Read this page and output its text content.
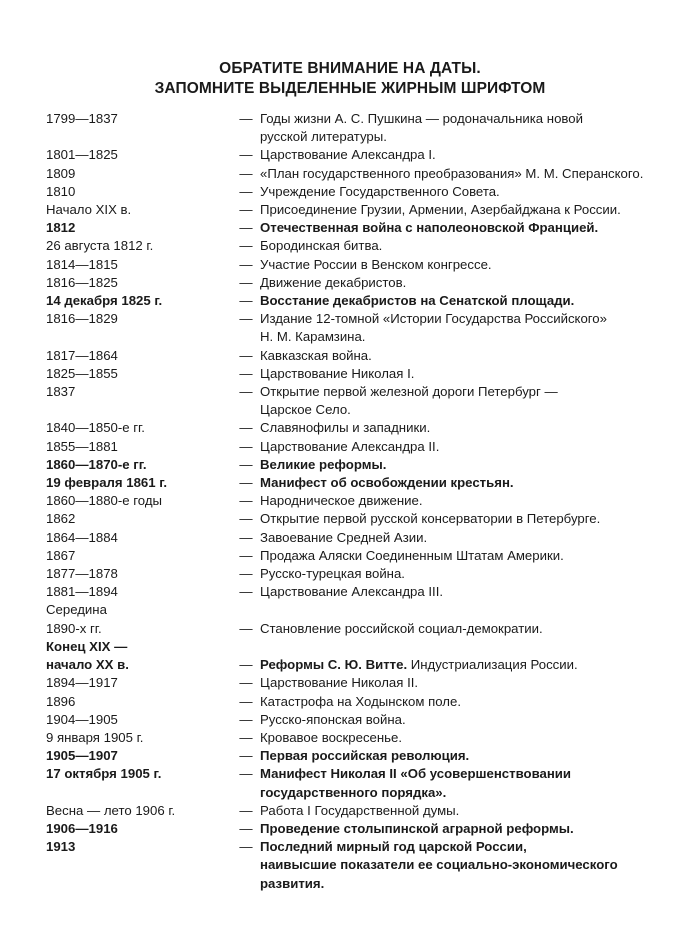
ОБРАТИТЕ ВНИМАНИЕ НА ДАТЫ.
ЗАПОМНИТЕ ВЫДЕЛЕННЫЕ ЖИРНЫМ ШРИФТОМ
1799—1837	— Годы жизни А. С. Пушкина — родоначальника новой
русской литературы.
1801—1825	— Царствование Александра I.
1809	— «План государственного преобразования» М. М. Сперанского.
1810	— Учреждение Государственного Совета.
Начало XIX в.	— Присоединение Грузии, Армении, Азербайджана к России.
1812	— Отечественная война с наполеоновской Францией.
26 августа 1812 г.	— Бородинская битва.
1814—1815	— Участие России в Венском конгрессе.
1816—1825	— Движение декабристов.
14 декабря 1825 г.	— Восстание декабристов на Сенатской площади.
1816—1829	— Издание 12-томной «Истории Государства Российского»
Н. М. Карамзина.
1817—1864	— Кавказская война.
1825—1855	— Царствование Николая I.
1837	— Открытие первой железной дороги Петербург —
Царское Село.
1840—1850-е гг.	— Славянофилы и западники.
1855—1881	— Царствование Александра II.
1860—1870-е гг.	— Великие реформы.
19 февраля 1861 г.	— Манифест об освобождении крестьян.
1860—1880-е годы	— Народническое движение.
1862	— Открытие первой русской консерватории в Петербурге.
1864—1884	— Завоевание Средней Азии.
1867	— Продажа Аляски Соединенным Штатам Америки.
1877—1878	— Русско-турецкая война.
1881—1894	— Царствование Александра III.
Середина
1890-х гг.	— Становление российской социал-демократии.
Конец XIX —
начало XX в.	— Реформы С. Ю. Витте. Индустриализация России.
1894—1917	— Царствование Николая II.
1896	— Катастрофа на Ходынском поле.
1904—1905	— Русско-японская война.
9 января 1905 г.	— Кровавое воскресенье.
1905—1907	— Первая российская революция.
17 октября 1905 г.	— Манифест Николая II «Об усовершенствовании
государственного порядка».
Весна — лето 1906 г.	— Работа I Государственной думы.
1906—1916	— Проведение столыпинской аграрной реформы.
1913	— Последний мирный год царской России,
наивысшие показатели ее социально-экономического
развития.
